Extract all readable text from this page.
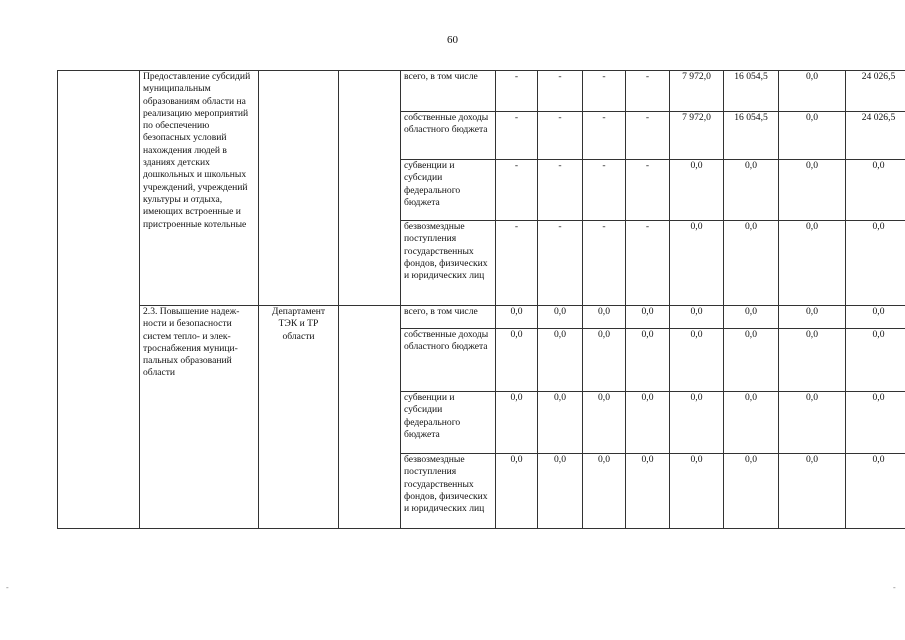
60
	Предоставление субсидий муниципальным образованиям области на реализацию мероприятий по обеспечению безопасных условий нахождения людей в зданиях детских дошкольных и школьных учреждений, учреждений культуры и отдыха, имеющих встроенные и пристроенные котельные			всего, в том числе	-	-	-	-	7 972,0	16 054,5	0,0	24 026,5
				собственные доходы областного бюджета	-	-	-	-	7 972,0	16 054,5	0,0	24 026,5
				субвенции и субсидии федерального бюджета	-	-	-	-	0,0	0,0	0,0	0,0
				безвозмездные поступления государственных фондов, физических и юридических лиц	-	-	-	-	0,0	0,0	0,0	0,0
	2.3. Повышение надеж-ности и безопасности систем тепло- и элек-троснабжения муници-пальных образований области	Департамент ТЭК и ТР области		всего, в том числе	0,0	0,0	0,0	0,0	0,0	0,0	0,0	0,0
				собственные доходы областного бюджета	0,0	0,0	0,0	0,0	0,0	0,0	0,0	0,0
				субвенции и субсидии федерального бюджета	0,0	0,0	0,0	0,0	0,0	0,0	0,0	0,0
				безвозмездные поступления государственных фондов, физических и юридических лиц	0,0	0,0	0,0	0,0	0,0	0,0	0,0	0,0
-	-
